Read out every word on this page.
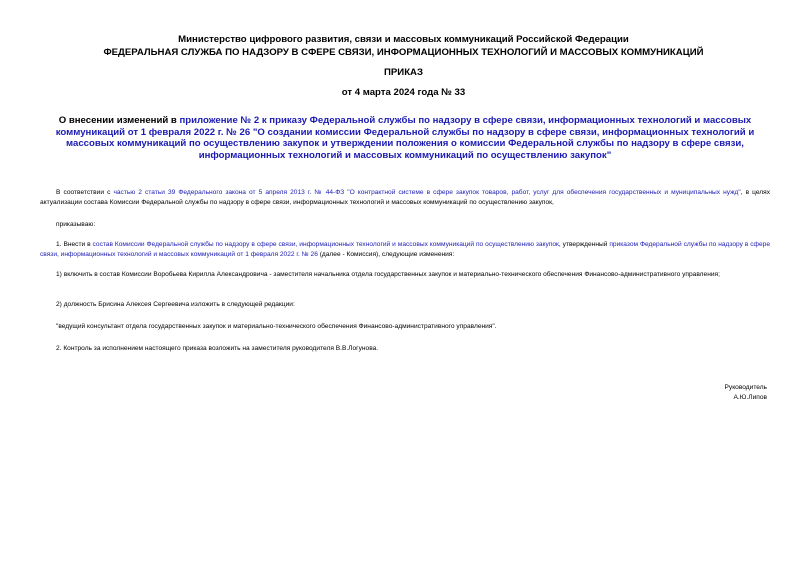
Министерство цифрового развития, связи и массовых коммуникаций Российской Федерации
ФЕДЕРАЛЬНАЯ СЛУЖБА ПО НАДЗОРУ В СФЕРЕ СВЯЗИ, ИНФОРМАЦИОННЫХ ТЕХНОЛОГИЙ И МАССОВЫХ КОММУНИКАЦИЙ
ПРИКАЗ
от 4 марта 2024 года № 33
О внесении изменений в приложение № 2 к приказу Федеральной службы по надзору в сфере связи, информационных технологий и массовых коммуникаций от 1 февраля 2022 г. № 26 "О создании комиссии Федеральной службы по надзору в сфере связи, информационных технологий и массовых коммуникаций по осуществлению закупок и утверждении положения о комиссии Федеральной службы по надзору в сфере связи, информационных технологий и массовых коммуникаций по осуществлению закупок"
В соответствии с частью 2 статьи 39 Федерального закона от 5 апреля 2013 г. № 44-ФЗ "О контрактной системе в сфере закупок товаров, работ, услуг для обеспечения государственных и муниципальных нужд", в целях актуализации состава Комиссии Федеральной службы по надзору в сфере связи, информационных технологий и массовых коммуникаций по осуществлению закупок,
приказываю:
1. Внести в состав Комиссии Федеральной службы по надзору в сфере связи, информационных технологий и массовых коммуникаций по осуществлению закупок, утвержденный приказом Федеральной службы по надзору в сфере связи, информационных технологий и массовых коммуникаций от 1 февраля 2022 г. № 26 (далее - Комиссия), следующие изменения:
1) включить в состав Комиссии Воробьева Кирилла Александровича - заместителя начальника отдела государственных закупок и материально-технического обеспечения Финансово-административного управления;
2) должность Брисина Алексея Сергеевича изложить в следующей редакции:
"ведущий консультант отдела государственных закупок и материально-технического обеспечения Финансово-административного управления".
2. Контроль за исполнением настоящего приказа возложить на заместителя руководителя В.В.Логунова.
Руководитель
А.Ю.Липов
